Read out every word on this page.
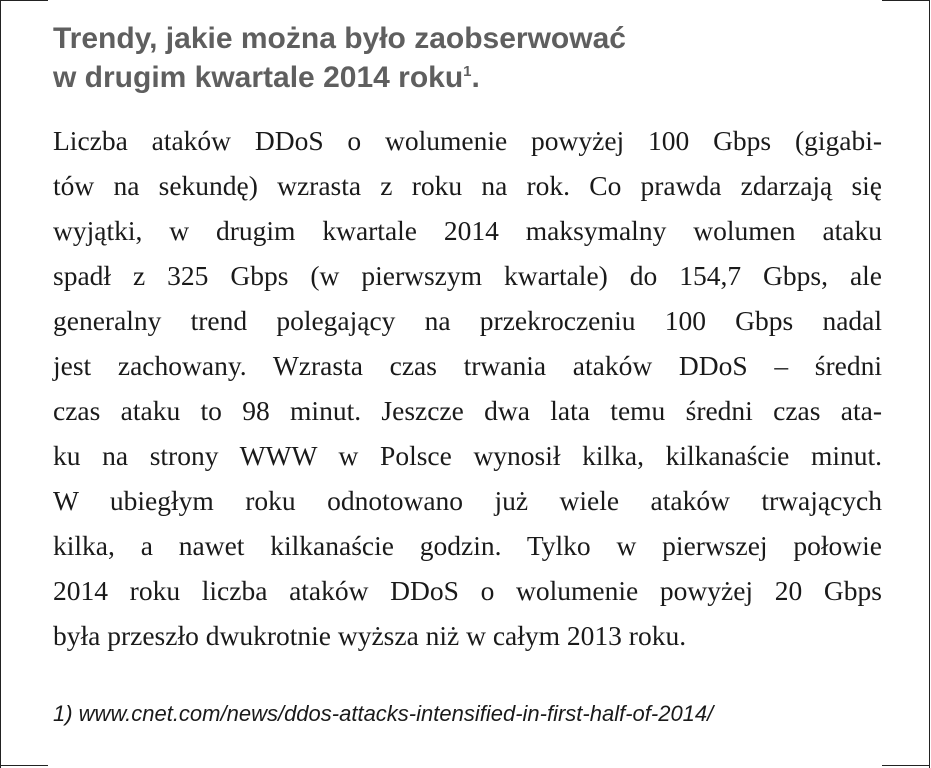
Trendy, jakie można było zaobserwować
w drugim kwartale 2014 roku$^1$.
Liczba ataków DDoS o wolumenie powyżej 100 Gbps (gigabi-
tów na sekundę) wzrasta z roku na rok. Co prawda zdarzają się
wyjątki, w drugim kwartale 2014 maksymalny wolumen ataku
spadł z 325 Gbps (w pierwszym kwartale) do 154,7 Gbps, ale
generalny trend polegający na przekroczeniu 100 Gbps nadal
jest zachowany. Wzrasta czas trwania ataków DDoS – średni
czas ataku to 98 minut. Jeszcze dwa lata temu średni czas ata-
ku na strony WWW w Polsce wynosił kilka, kilkanaście minut.
W ubiegłym roku odnotowano już wiele ataków trwających
kilka, a nawet kilkanaście godzin. Tylko w pierwszej połowie
2014 roku liczba ataków DDoS o wolumenie powyżej 20 Gbps
była przeszło dwukrotnie wyższa niż w całym 2013 roku.

1) www.cnet.com/news/ddos-attacks-intensified-in-first-half-of-2014/
